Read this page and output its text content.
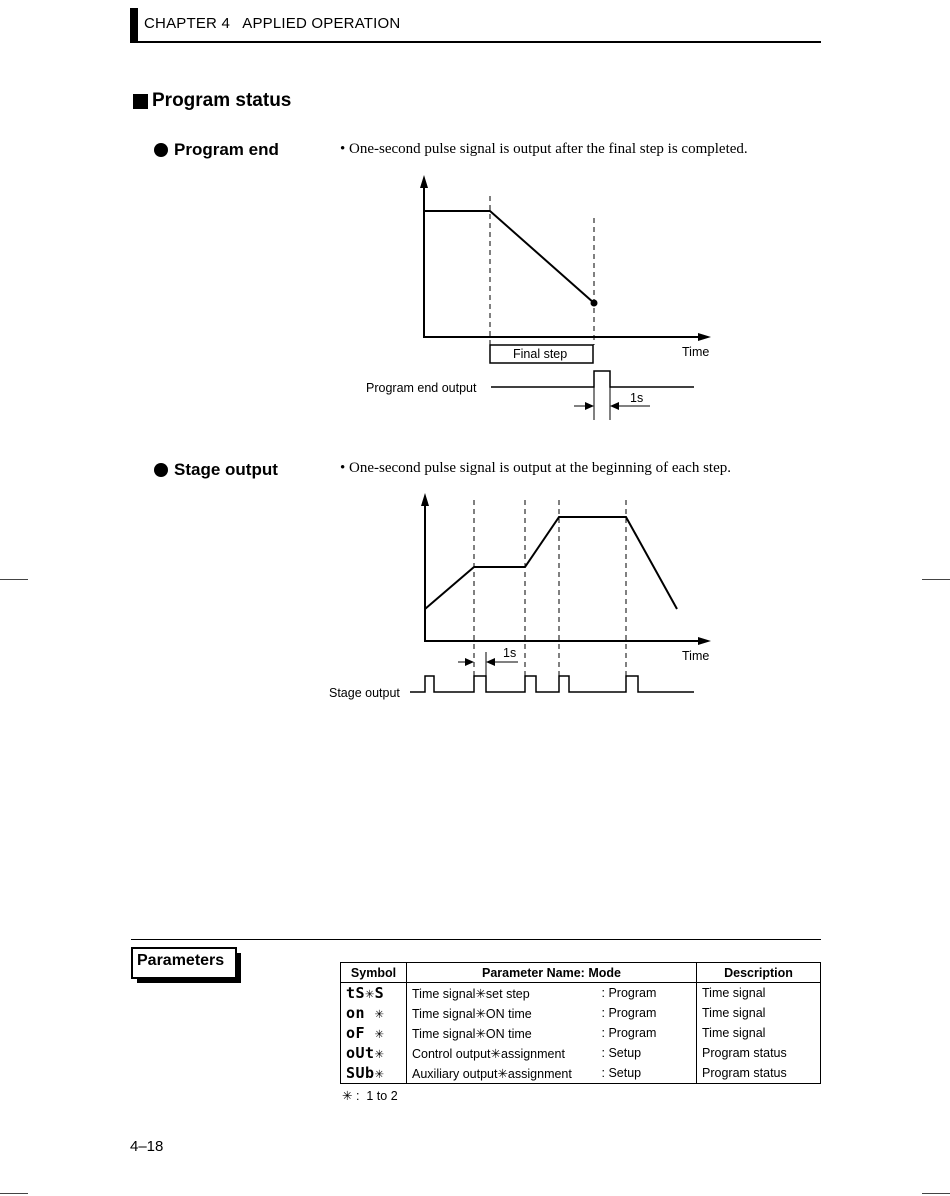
CHAPTER 4   APPLIED OPERATION
Program status
Program end	• One-second pulse signal is output after the final step is completed.
Final step	Time
Program end output
1s
Stage output	• One-second pulse signal is output at the beginning of each step.
1s	Time
Stage output
Parameters
Symbol	Parameter Name: Mode		Description
tS✳S	Time signal✳set step	: Program	Time signal
on ✳	Time signal✳ON time	: Program	Time signal
oF ✳	Time signal✳ON time	: Program	Time signal
oUt✳	Control output✳assignment	: Setup	Program status
SUb✳	Auxiliary output✳assignment	: Setup	Program status
✳ :  1 to 2
4–18
